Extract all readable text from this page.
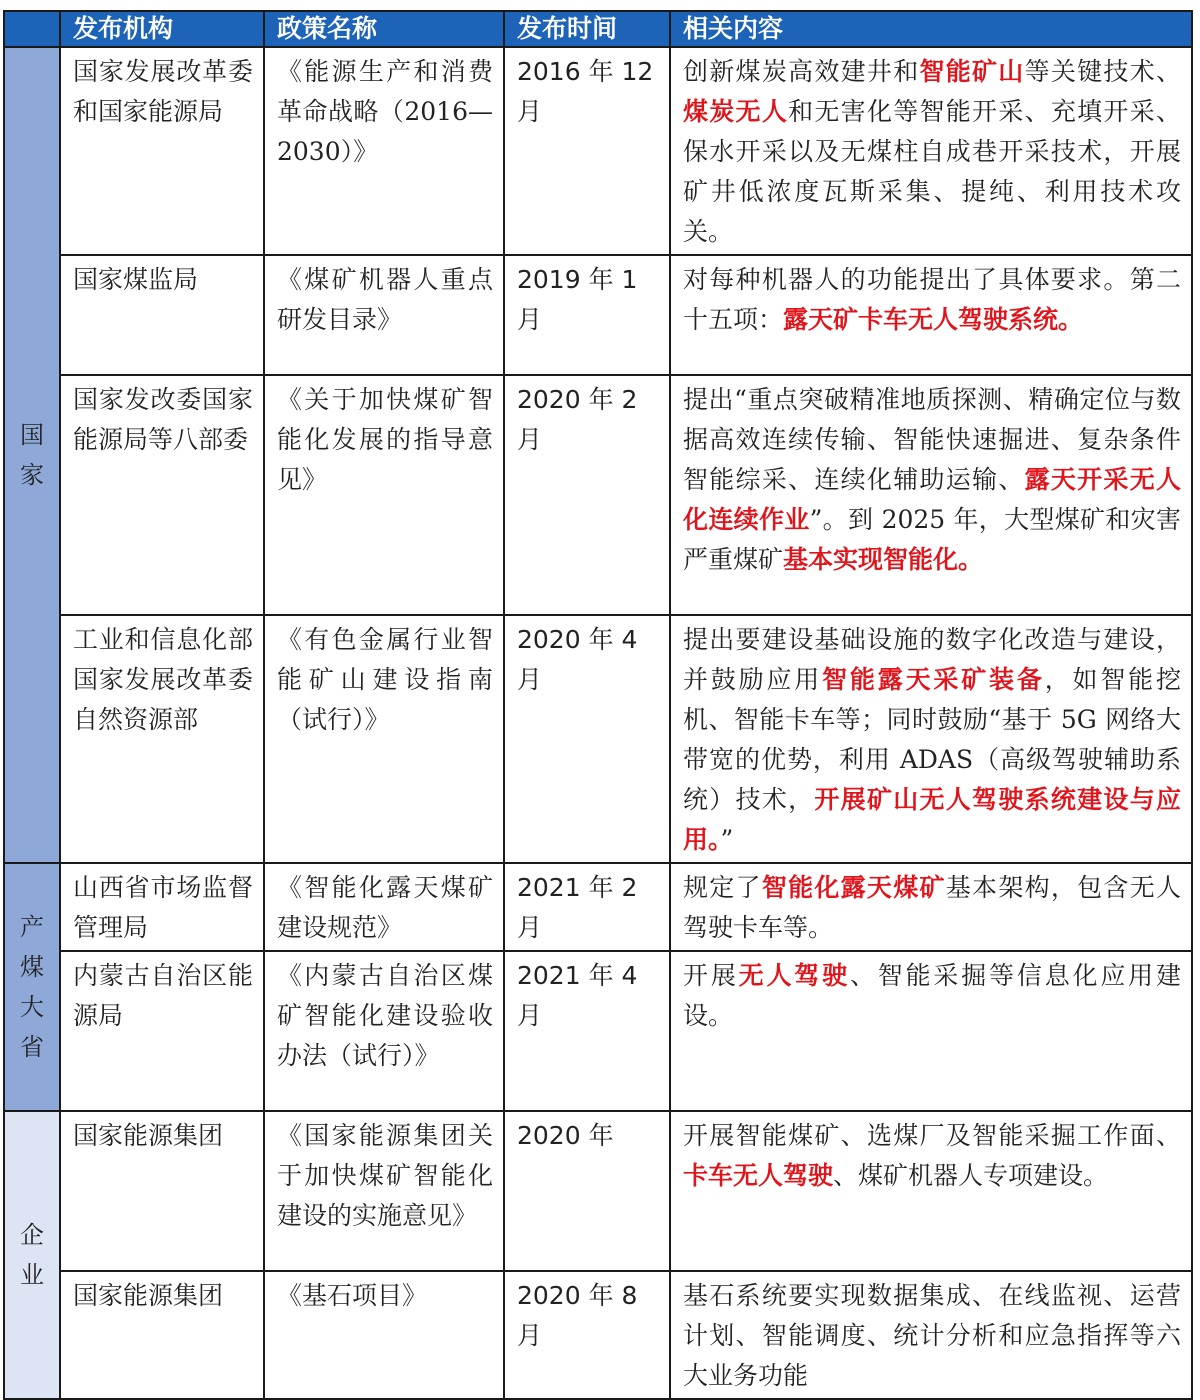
	发布机构	政策名称	发布时间	相关内容

国
家	国家发展改革委和国家能源局	《能源生产和消费革命战略（2016—2030）》	2016 年 12 月	创新煤炭高效建井和智能矿山等关键技术、煤炭无人和无害化等智能开采、充填开采、保水开采以及无煤柱自成巷开采技术，开展矿井低浓度瓦斯采集、提纯、利用技术攻关。
	国家煤监局	《煤矿机器人重点研发目录》	2019 年 1 月	对每种机器人的功能提出了具体要求。第二十五项：露天矿卡车无人驾驶系统。
	国家发改委国家能源局等八部委	《关于加快煤矿智能化发展的指导意见》	2020 年 2 月	提出“重点突破精准地质探测、精确定位与数据高效连续传输、智能快速掘进、复杂条件智能综采、连续化辅助运输、露天开采无人化连续作业”。到 2025 年，大型煤矿和灾害严重煤矿基本实现智能化。
	工业和信息化部国家发展改革委自然资源部	《有色金属行业智能矿山建设指南（试行）》	2020 年 4 月	提出要建设基础设施的数字化改造与建设，并鼓励应用智能露天采矿装备，如智能挖机、智能卡车等；同时鼓励“基于 5G 网络大带宽的优势，利用 ADAS（高级驾驶辅助系统）技术，开展矿山无人驾驶系统建设与应用。”

产
煤
大
省	山西省市场监督管理局	《智能化露天煤矿建设规范》	2021 年 2 月	规定了智能化露天煤矿基本架构，包含无人驾驶卡车等。
	内蒙古自治区能源局	《内蒙古自治区煤矿智能化建设验收办法（试行）》	2021 年 4 月	开展无人驾驶、智能采掘等信息化应用建设。

企
业	国家能源集团	《国家能源集团关于加快煤矿智能化建设的实施意见》	2020 年	开展智能煤矿、选煤厂及智能采掘工作面、卡车无人驾驶、煤矿机器人专项建设。
	国家能源集团	《基石项目》	2020 年 8 月	基石系统要实现数据集成、在线监视、运营计划、智能调度、统计分析和应急指挥等六大业务功能
